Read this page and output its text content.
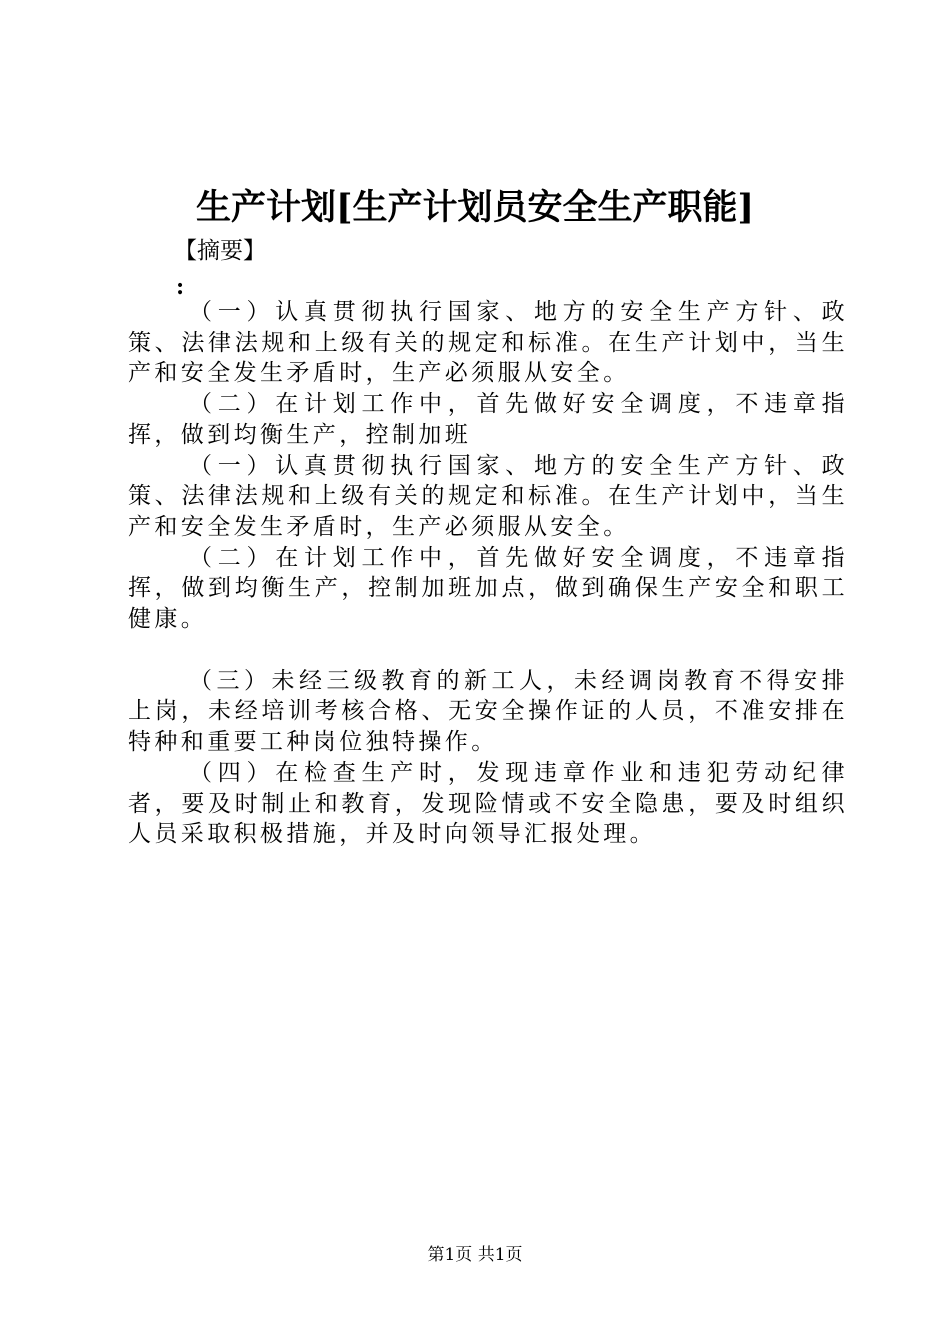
生产计划[生产计划员安全生产职能]
【摘要】
:

（一）认真贯彻执行国家、地方的安全生产方针、政策、法律法规和上级有关的规定和标准。在生产计划中，当生产和安全发生矛盾时，生产必须服从安全。

（二）在计划工作中，首先做好安全调度，不违章指挥，做到均衡生产，控制加班

（一）认真贯彻执行国家、地方的安全生产方针、政策、法律法规和上级有关的规定和标准。在生产计划中，当生产和安全发生矛盾时，生产必须服从安全。

（二）在计划工作中，首先做好安全调度，不违章指挥，做到均衡生产，控制加班加点，做到确保生产安全和职工健康。

（三）未经三级教育的新工人，未经调岗教育不得安排上岗，未经培训考核合格、无安全操作证的人员，不准安排在特种和重要工种岗位独特操作。

（四）在检查生产时，发现违章作业和违犯劳动纪律者，要及时制止和教育，发现险情或不安全隐患，要及时组织人员采取积极措施，并及时向领导汇报处理。

第1页 共1页
